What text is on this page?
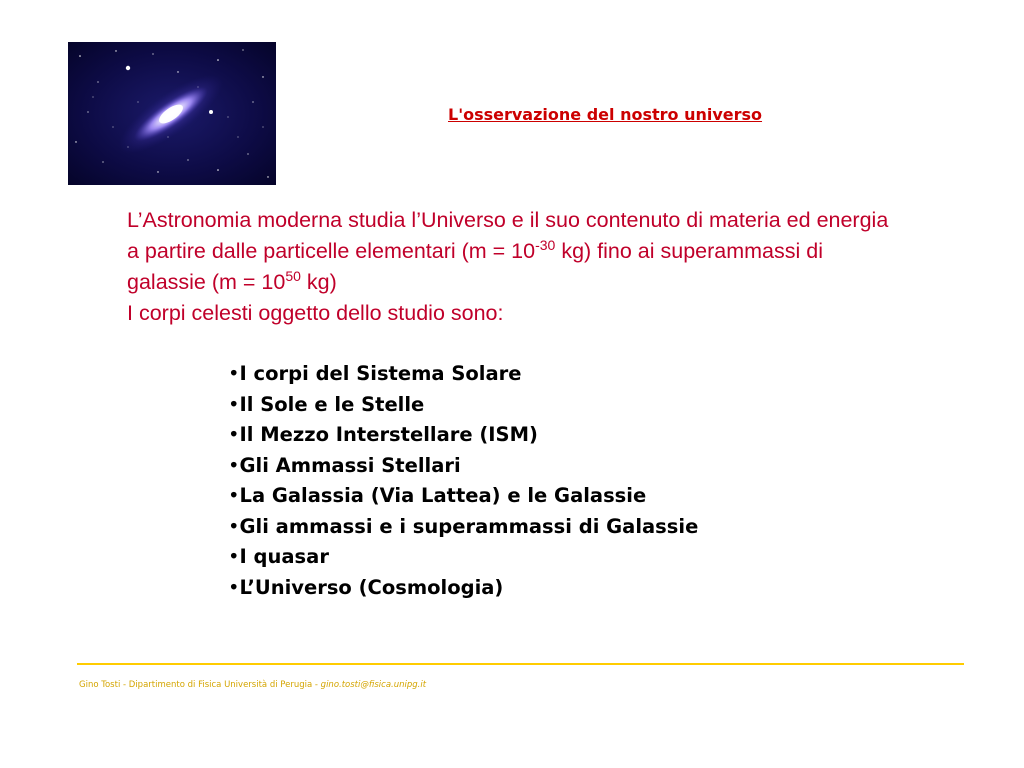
L'osservazione del nostro universo

L’Astronomia moderna studia l’Universo e il suo contenuto di materia ed energia a partire dalle particelle elementari ($m = 10^{-30}$ kg) fino ai superammassi di galassie ($m = 10^{50}$ kg)

I corpi celesti oggetto dello studio sono:

•I corpi del Sistema Solare
•Il Sole e le Stelle
•Il Mezzo Interstellare (ISM)
•Gli Ammassi Stellari
•La Galassia (Via Lattea) e le Galassie
•Gli ammassi e i superammassi di Galassie
•I quasar
•L’Universo (Cosmologia)
Gino Tosti - Dipartimento di Fisica Università di Perugia - gino.tosti@fisica.unipg.it
